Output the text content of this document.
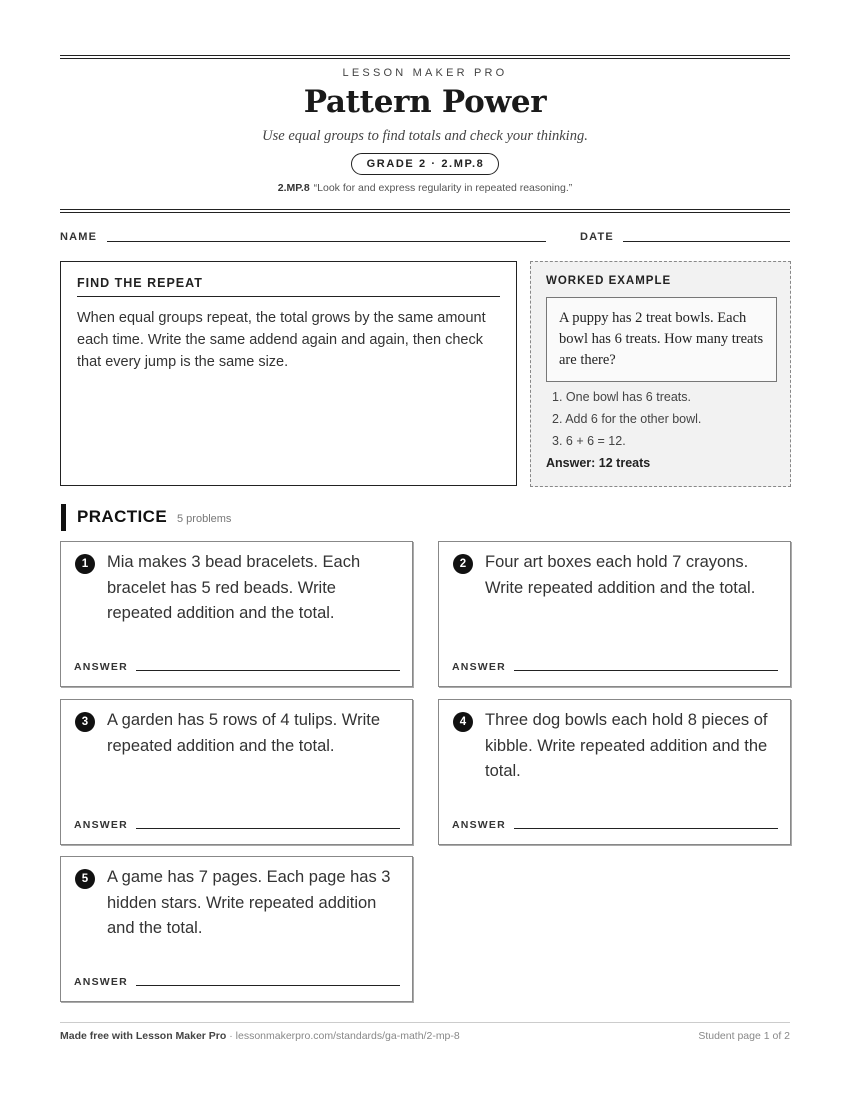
LESSON MAKER PRO
Pattern Power
Use equal groups to find totals and check your thinking.
GRADE 2 · 2.MP.8
2.MP.8 “Look for and express regularity in repeated reasoning.”
NAME	DATE
FIND THE REPEAT
When equal groups repeat, the total grows by the same amount each time. Write the same addend again and again, then check that every jump is the same size.
WORKED EXAMPLE
A puppy has 2 treat bowls. Each bowl has 6 treats. How many treats are there?
1. One bowl has 6 treats.
2. Add 6 for the other bowl.
3. 6 + 6 = 12.
Answer: 12 treats
PRACTICE 5 problems
1	Mia makes 3 bead bracelets. Each bracelet has 5 red beads. Write repeated addition and the total.
ANSWER
2	Four art boxes each hold 7 crayons. Write repeated addition and the total.
ANSWER
3	A garden has 5 rows of 4 tulips. Write repeated addition and the total.
ANSWER
4	Three dog bowls each hold 8 pieces of kibble. Write repeated addition and the total.
ANSWER
5	A game has 7 pages. Each page has 3 hidden stars. Write repeated addition and the total.
ANSWER
Made free with Lesson Maker Pro · lessonmakerpro.com/standards/ga-math/2-mp-8	Student page 1 of 2
